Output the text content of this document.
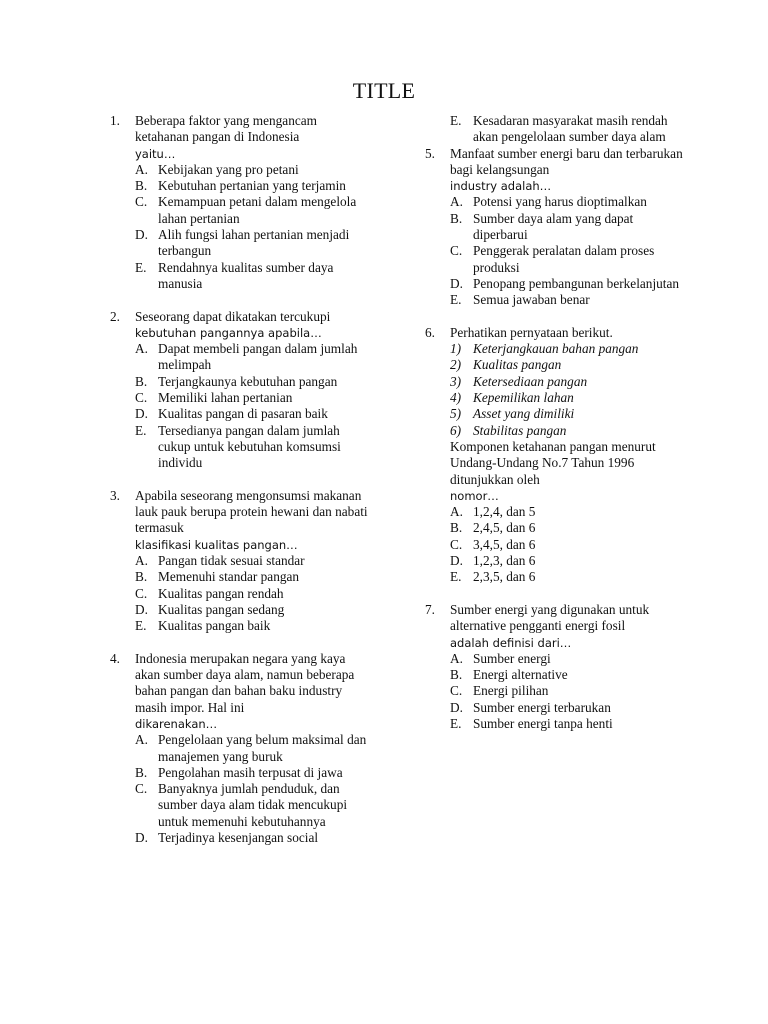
TITLE
1.	Beberapa faktor yang mengancam ketahanan pangan di Indonesia
yaitu…
A. Kebijakan yang pro petani
B. Kebutuhan pertanian yang terjamin
C. Kemampuan petani dalam mengelola lahan pertanian
D. Alih fungsi lahan pertanian menjadi terbangun
E. Rendahnya kualitas sumber daya manusia
2.	Seseorang dapat dikatakan tercukupi
kebutuhan pangannya apabila…
A. Dapat membeli pangan dalam jumlah melimpah
B. Terjangkaunya kebutuhan pangan
C. Memiliki lahan pertanian
D. Kualitas pangan di pasaran baik
E. Tersedianya pangan dalam jumlah cukup untuk kebutuhan komsumsi individu
3.	Apabila seseorang mengonsumsi makanan lauk pauk berupa protein hewani dan nabati termasuk
klasifikasi kualitas pangan…
A. Pangan tidak sesuai standar
B. Memenuhi standar pangan
C. Kualitas pangan rendah
D. Kualitas pangan sedang
E. Kualitas pangan baik
4.	Indonesia merupakan negara yang kaya akan sumber daya alam, namun beberapa bahan pangan dan bahan baku industry masih impor. Hal ini
dikarenakan…
A. Pengelolaan yang belum maksimal dan manajemen yang buruk
B. Pengolahan masih terpusat di jawa
C. Banyaknya jumlah penduduk, dan sumber daya alam tidak mencukupi untuk memenuhi kebutuhannya
D. Terjadinya kesenjangan social
E. Kesadaran masyarakat masih rendah akan pengelolaan sumber daya alam
5.	Manfaat sumber energi baru dan terbarukan bagi kelangsungan
industry adalah…
A. Potensi yang harus dioptimalkan
B. Sumber daya alam yang dapat diperbarui
C. Penggerak peralatan dalam proses produksi
D. Penopang pembangunan berkelanjutan
E. Semua jawaban benar
6.	Perhatikan pernyataan berikut.
1) Keterjangkauan bahan pangan
2) Kualitas pangan
3) Ketersediaan pangan
4) Kepemilikan lahan
5) Asset yang dimiliki
6) Stabilitas pangan
Komponen ketahanan pangan menurut Undang-Undang No.7 Tahun 1996 ditunjukkan oleh
nomor…
A. 1,2,4, dan 5
B. 2,4,5, dan 6
C. 3,4,5, dan 6
D. 1,2,3, dan 6
E. 2,3,5, dan 6
7.	Sumber energi yang digunakan untuk alternative pengganti energi fosil
adalah definisi dari…
A. Sumber energi
B. Energi alternative
C. Energi pilihan
D. Sumber energi terbarukan
E. Sumber energi tanpa henti
